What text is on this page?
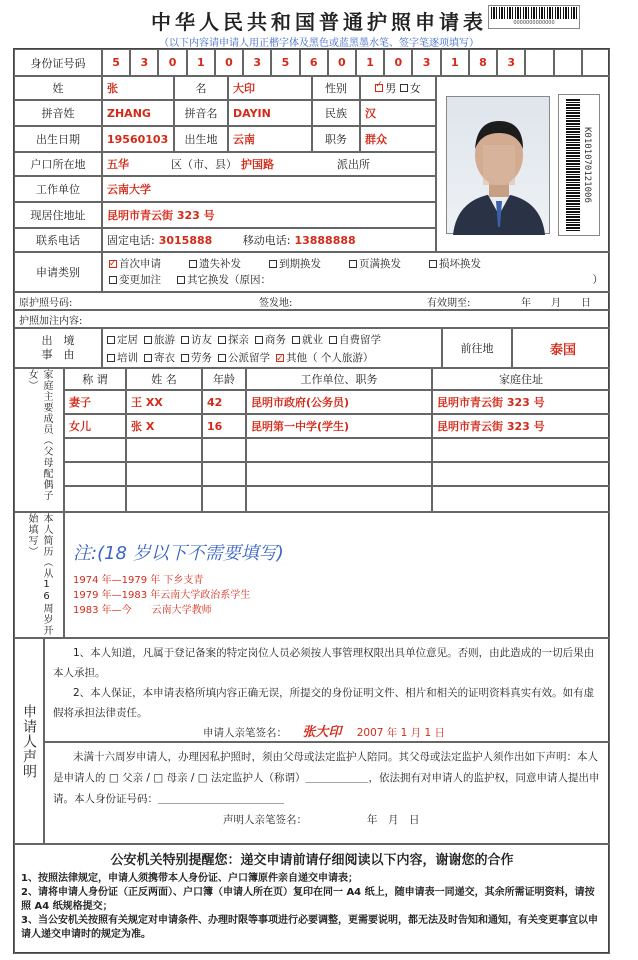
中华人民共和国普通护照申请表	0000000000000
（以下内容请申请人用正楷字体及黑色或蓝黑墨水笔、签字笔逐项填写）
身份证号码	5	3	0	1	0	3	5	6	0	1	0	3	1	8	3
姓	张	名	大印	性别 ✓	男
女
拼音姓	ZHANG	拼音名	DAYIN	民族	汉
出生日期	19560103	出生地	云南	职务	群众
户口所在地	五华	区（市、县） 护国路	派出所
工作单位	云南大学
现居住地址	昆明市青云街 323 号
联系电话	固定电话: 3015888	移动电话: 13888888
K0101070121006
申请类别
✓首次申请	遗失补发	到期换发	页满换发	损坏换发
变更加注	其它换发（原因：	）
原护照号码:	签发地:	有效期至:	年	月	日
护照加注内容:
出　境
事　由
定居	旅游	访友	探亲	商务	就业	自费留学
培训	寄衣	劳务	公派留学 ✓	其他（ 个人旅游）
前往地	泰国
家庭主要成员（父母配偶子女）	称 谓	姓 名	年龄	工作单位、职务	家庭住址
妻子	王 XX	42	昆明市政府(公务员)	昆明市青云街 323 号
女儿	张 X	16	昆明第一中学(学生)	昆明市青云街 323 号
本人简历（从16周岁开始填写）	注:(18 岁以下不需要填写)
1974 年—1979 年 下乡支青
1979 年—1983 年云南大学政治系学生
1983 年—今　　云南大学教师
申请人声明
1、本人知道，凡属于登记备案的特定岗位人员必须按人事管理权限出具单位意见。否则，由此造成的一切后果由本人承担。
2、本人保证，本申请表格所填内容正确无误，所提交的身份证明文件、相片和相关的证明资料真实有效。如有虚假将承担法律责任。
申请人亲笔签名： 张大印 2007 年 1 月 1 日
未满十六周岁申请人，办理因私护照时，须由父母或法定监护人陪同。其父母或法定监护人须作出如下声明：本人是申请人的 □ 父亲 / □ 母亲 / □ 法定监护人（称谓）＿＿＿＿＿＿，依法拥有对申请人的监护权，同意申请人提出申请。本人身份证号码：＿＿＿＿＿＿＿＿＿＿＿＿
声明人亲笔签名：	年　月　日
公安机关特别提醒您：递交申请前请仔细阅读以下内容，谢谢您的合作
1、按照法律规定，申请人须携带本人身份证、户口簿原件亲自递交申请表；
2、请将申请人身份证（正反两面）、户口簿（申请人所在页）复印在同一 A4 纸上，随申请表一同递交，其余所需证明资料，请按照 A4 纸规格提交；
3、当公安机关按照有关规定对申请条件、办理时限等事项进行必要调整，更需要说明，都无法及时告知和通知，有关变更事宜以申请人递交申请时的规定为准。
